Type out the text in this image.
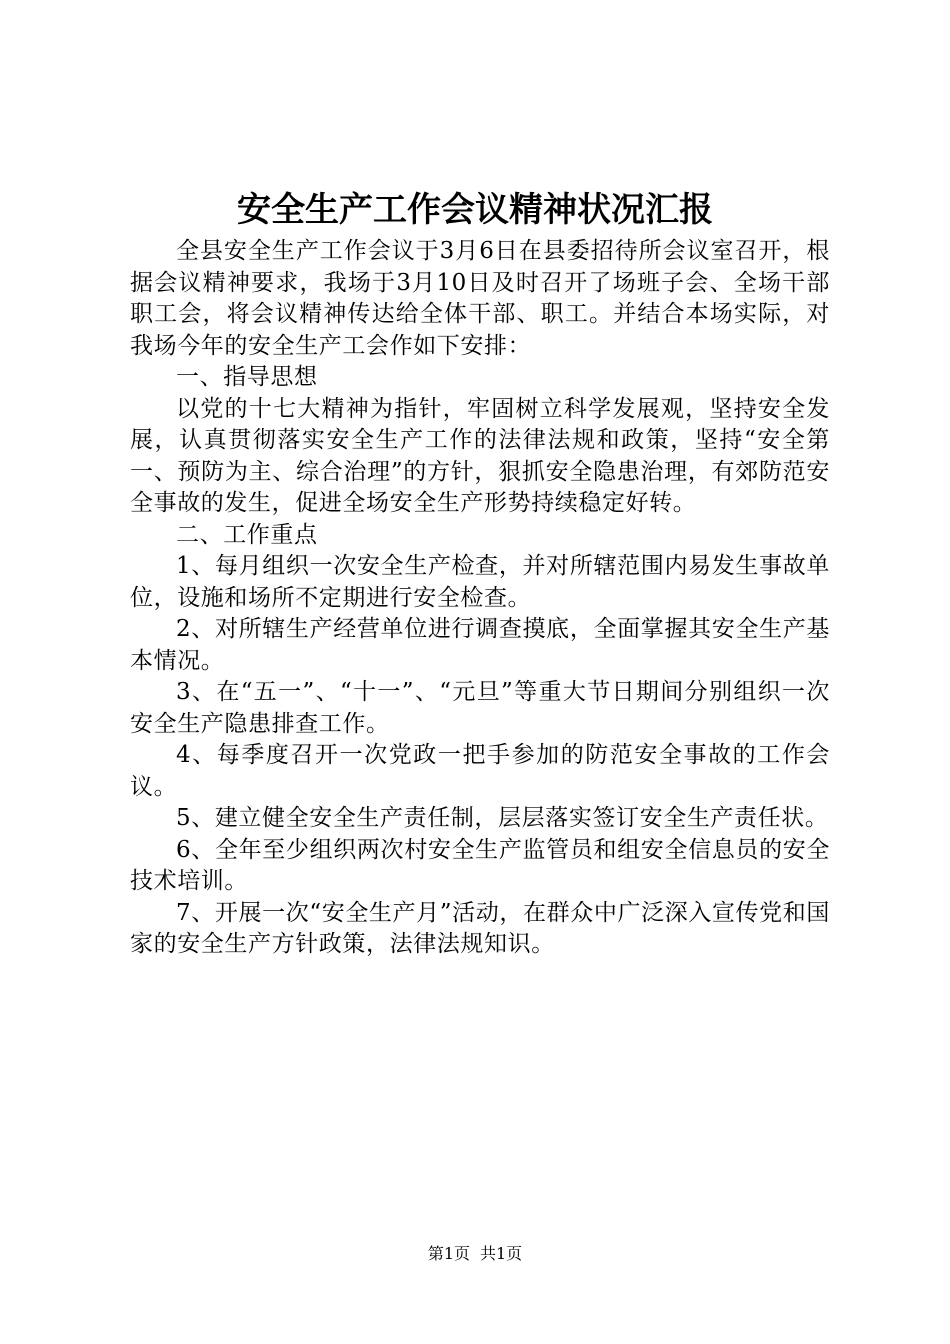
安全生产工作会议精神状况汇报

全县安全生产工作会议于3月6日在县委招待所会议室召开，根据会议精神要求，我场于3月10日及时召开了场班子会、全场干部职工会，将会议精神传达给全体干部、职工。并结合本场实际，对我场今年的安全生产工会作如下安排：

一、指导思想

以党的十七大精神为指针，牢固树立科学发展观，坚持安全发展，认真贯彻落实安全生产工作的法律法规和政策，坚持“安全第一、预防为主、综合治理”的方针，狠抓安全隐患治理，有郊防范安全事故的发生，促进全场安全生产形势持续稳定好转。

二、工作重点

1、每月组织一次安全生产检查，并对所辖范围内易发生事故单位，设施和场所不定期进行安全检查。

2、对所辖生产经营单位进行调查摸底，全面掌握其安全生产基本情况。

3、在“五一”、“十一”、“元旦”等重大节日期间分别组织一次安全生产隐患排查工作。

4、每季度召开一次党政一把手参加的防范安全事故的工作会议。

5、建立健全安全生产责任制，层层落实签订安全生产责任状。

6、全年至少组织两次村安全生产监管员和组安全信息员的安全技术培训。

7、开展一次“安全生产月”活动，在群众中广泛深入宣传党和国家的安全生产方针政策，法律法规知识。

第1页 共1页
